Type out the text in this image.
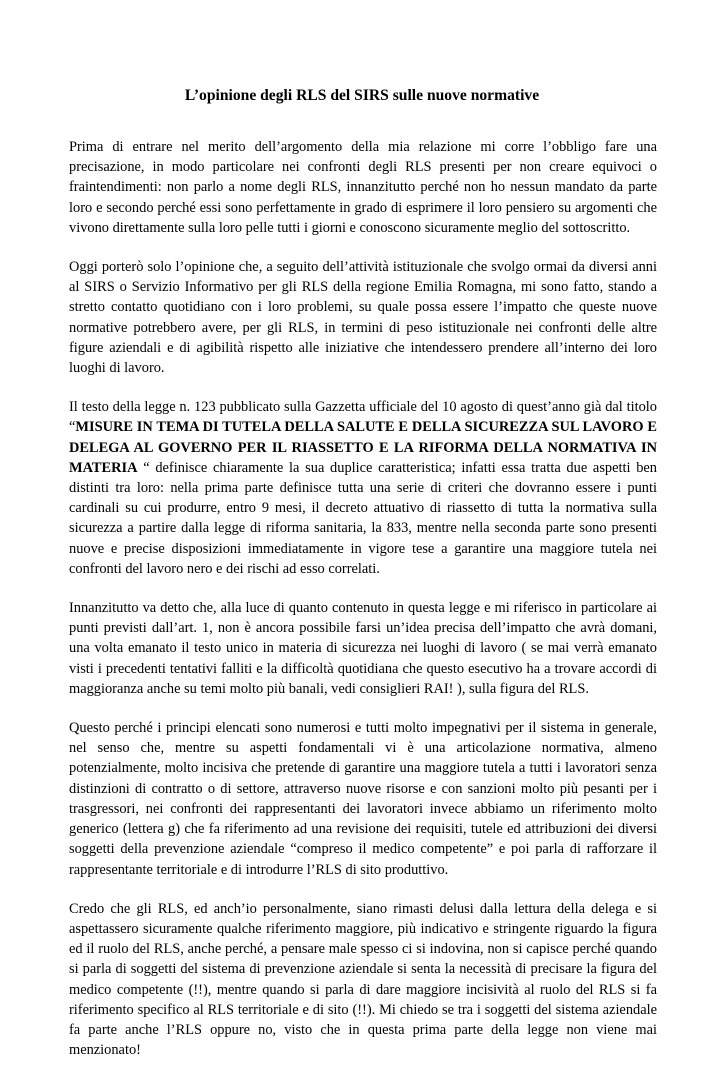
L’opinione degli RLS del SIRS sulle nuove normative

Prima di entrare nel merito dell’argomento della mia relazione mi corre l’obbligo fare una precisazione, in modo particolare nei confronti degli RLS presenti per non creare equivoci o fraintendimenti: non parlo a nome degli RLS, innanzitutto perché non ho nessun mandato da parte loro e secondo perché essi sono perfettamente in grado di esprimere il loro pensiero su argomenti che vivono direttamente sulla loro pelle tutti i giorni e conoscono sicuramente meglio del sottoscritto.

Oggi porterò solo l’opinione che, a seguito dell’attività istituzionale che svolgo ormai da diversi anni al SIRS o Servizio Informativo per gli RLS della regione Emilia Romagna, mi sono fatto, stando a stretto contatto quotidiano con i loro problemi, su quale possa essere l’impatto che queste nuove normative potrebbero avere, per gli RLS, in termini di peso istituzionale nei confronti delle altre figure aziendali e di agibilità rispetto alle iniziative che intendessero prendere all’interno dei loro luoghi di lavoro.

Il testo della legge n. 123 pubblicato sulla Gazzetta ufficiale del 10 agosto di quest’anno già dal titolo “MISURE IN TEMA DI TUTELA DELLA SALUTE E DELLA SICUREZZA SUL LAVORO E DELEGA AL GOVERNO PER IL RIASSETTO E LA RIFORMA DELLA NORMATIVA IN MATERIA “ definisce chiaramente la sua duplice caratteristica; infatti essa tratta due aspetti ben distinti tra loro: nella prima parte definisce tutta una serie di criteri che dovranno essere i punti cardinali su cui produrre, entro 9 mesi, il decreto attuativo di riassetto di tutta la normativa sulla sicurezza a partire dalla legge di riforma sanitaria, la 833, mentre nella seconda parte sono presenti nuove e precise disposizioni immediatamente in vigore tese a garantire una maggiore tutela nei confronti del lavoro nero e dei rischi ad esso correlati.

Innanzitutto va detto che, alla luce di quanto contenuto in questa legge e mi riferisco in particolare ai punti previsti dall’art. 1, non è ancora possibile farsi un’idea precisa dell’impatto che avrà domani, una volta emanato il testo unico in materia di sicurezza nei luoghi di lavoro ( se mai verrà emanato visti i precedenti tentativi falliti e la difficoltà quotidiana che questo esecutivo ha a trovare accordi di maggioranza anche su temi molto più banali, vedi consiglieri RAI! ), sulla figura del RLS.

Questo perché i principi elencati sono numerosi e tutti molto impegnativi per il sistema in generale, nel senso che, mentre su aspetti fondamentali vi è una articolazione normativa, almeno potenzialmente, molto incisiva che pretende di garantire una maggiore tutela a tutti i lavoratori senza distinzioni di contratto o di settore, attraverso nuove risorse e con sanzioni molto più pesanti per i trasgressori, nei confronti dei rappresentanti dei lavoratori invece abbiamo un riferimento molto generico (lettera g) che fa riferimento ad una revisione dei requisiti, tutele ed attribuzioni dei diversi soggetti della prevenzione aziendale “compreso il medico competente” e poi parla di rafforzare il rappresentante territoriale e di introdurre l’RLS di sito produttivo.

Credo che gli RLS, ed anch’io personalmente, siano rimasti delusi dalla lettura della delega e si aspettassero sicuramente qualche riferimento maggiore, più indicativo e stringente riguardo la figura ed il ruolo del RLS, anche perché, a pensare male spesso ci si indovina, non si capisce perché quando si parla di soggetti del sistema di prevenzione aziendale si senta la necessità di precisare la figura del medico competente (!!), mentre quando si parla di dare maggiore incisività al ruolo del RLS si fa riferimento specifico al RLS territoriale e di sito (!!). Mi chiedo se tra i soggetti del sistema aziendale fa parte anche l’RLS oppure no, visto che in questa prima parte della legge non viene mai menzionato!
